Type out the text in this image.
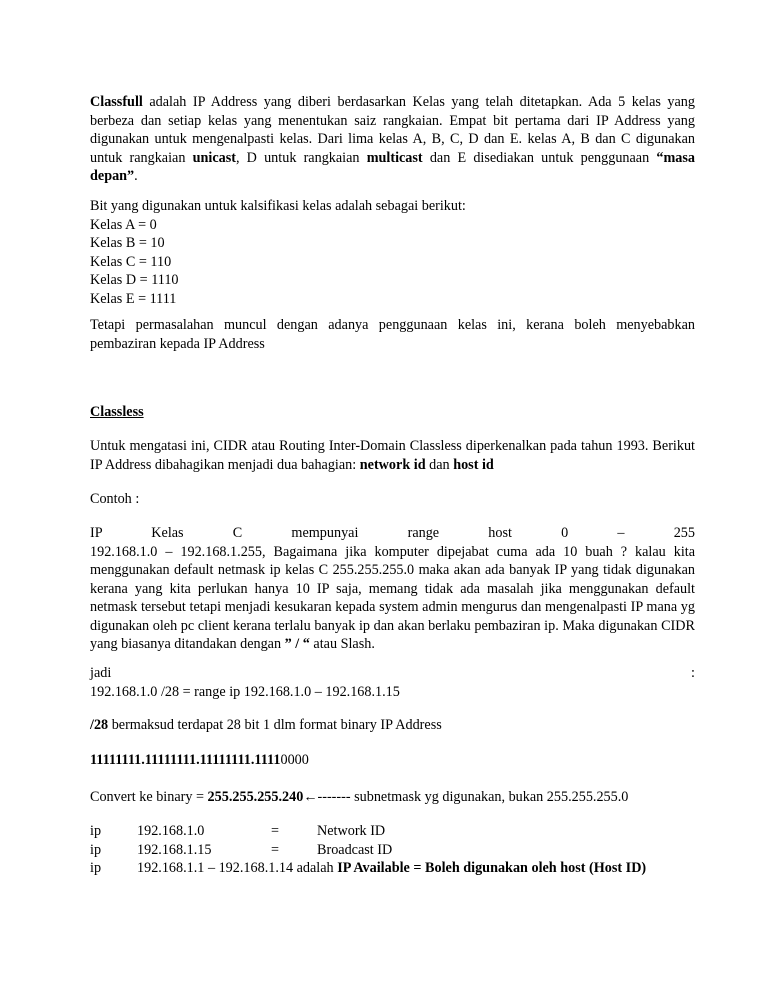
Classfull adalah IP Address yang diberi berdasarkan Kelas yang telah ditetapkan. Ada 5 kelas yang berbeza dan setiap kelas yang menentukan saiz rangkaian. Empat bit pertama dari IP Address yang digunakan untuk mengenalpasti kelas. Dari lima kelas A, B, C, D dan E. kelas A, B dan C digunakan untuk rangkaian unicast, D untuk rangkaian multicast dan E disediakan untuk penggunaan “masa depan”.

Bit yang digunakan untuk kalsifikasi kelas adalah sebagai berikut:

Kelas A = 0

Kelas B = 10

Kelas C = 110

Kelas D = 1110

Kelas E = 1111

Tetapi permasalahan muncul dengan adanya penggunaan kelas ini, kerana boleh menyebabkan pembaziran kepada IP Address

Classless

Untuk mengatasi ini, CIDR atau Routing Inter-Domain Classless diperkenalkan pada tahun 1993. Berikut IP Address dibahagikan menjadi dua bahagian: network id dan host id

Contoh :

IP Kelas C mempunyai range host 0 – 255

192.168.1.0 – 192.168.1.255, Bagaimana jika komputer dipejabat cuma ada 10 buah ? kalau kita menggunakan default netmask ip kelas C 255.255.255.0 maka akan ada banyak IP yang tidak digunakan kerana yang kita perlukan hanya 10 IP saja, memang tidak ada masalah jika menggunakan default netmask tersebut tetapi menjadi kesukaran kepada system admin mengurus dan mengenalpasti IP mana yg digunakan oleh pc client kerana terlalu banyak ip dan akan berlaku pembaziran ip. Maka digunakan CIDR yang biasanya ditandakan dengan ” / “ atau Slash.

jadi	:

192.168.1.0 /28 = range ip 192.168.1.0 – 192.168.1.15

/28 bermaksud terdapat 28 bit 1 dlm format binary IP Address

11111111.11111111.11111111.11110000

Convert ke binary = 255.255.255.240←------- subnetmask yg digunakan, bukan 255.255.255.0

ip	192.168.1.0	=	Network ID
ip	192.168.1.15	=	Broadcast ID
ip	192.168.1.1 – 192.168.1.14 adalah IP Available = Boleh digunakan oleh host (Host ID)
